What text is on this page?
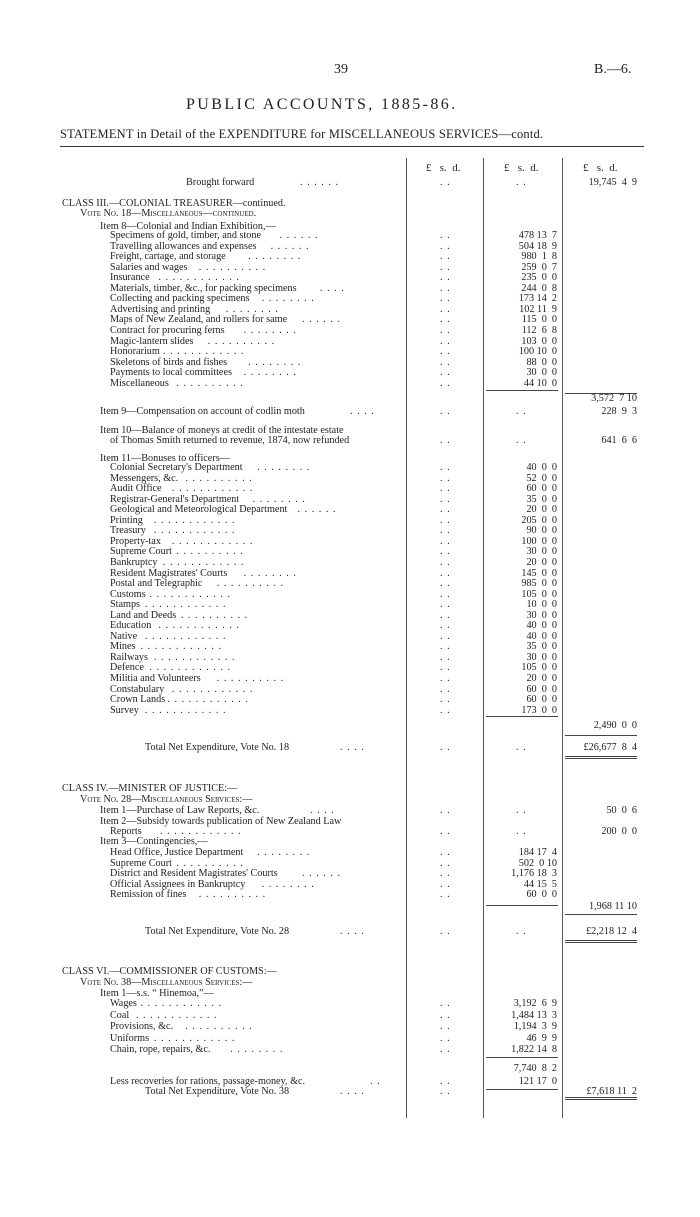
39	B.—6.
PUBLIC ACCOUNTS, 1885-86.
STATEMENT in Detail of the EXPENDITURE for MISCELLANEOUS SERVICES—contd.
£   s.  d.	£   s.  d.	£   s.  d.
Brought forward	. .	. .	19,745  4  9
. . . . . .
CLASS III.—COLONIAL TREASURER—continued.
Vote No. 18—Miscellaneous—continued.
Item 8—Colonial and Indian Exhibition,—
Specimens of gold, timber, and stone	. .	478 13  7
. . . . . .
Travelling allowances and expenses	. .	504 18  9
. . . . . .
Freight, cartage, and storage	. .	980  1  8
. . . . . . . .
Salaries and wages	. .	259  0  7
. . . . . . . . . .
Insurance	. .	235  0  0
. . . . . . . . . . . .
Materials, timber, &c., for packing specimens	. .	244  0  8
. . . .
Collecting and packing specimens	. .	173 14  2
. . . . . . . .
Advertising and printing	. .	102 11  9
. . . . . . . .
Maps of New Zealand, and rollers for same	. .	115  0  0
. . . . . .
Contract for procuring ferns	. .	112  6  8
. . . . . . . .
Magic-lantern slides	. .	103  0  0
. . . . . . . . . .
Honorarium	. .	100 10  0
. . . . . . . . . . . .
Skeletons of birds and fishes	. .	88  0  0
. . . . . . . .
Payments to local committees	. .	30  0  0
. . . . . . . .
Miscellaneous	. .	44 10  0
. . . . . . . . . .
3,572  7 10
Item 9—Compensation on account of codlin moth	. .	. .	228  9  3
. . . .
Item 10—Balance of moneys at credit of the intestate estate
of Thomas Smith returned to revenue, 1874, now refunded	. .	. .	641  6  6
Item 11—Bonuses to officers—
Colonial Secretary's Department	. .	40  0  0
. . . . . . . .
Messengers, &c.	. .	52  0  0
. . . . . . . . . .
Audit Office	. .	60  0  0
. . . . . . . . . . . .
Registrar-General's Department	. .	35  0  0
. . . . . . . .
Geological and Meteorological Department	. .	20  0  0
. . . . . .
Printing	. .	205  0  0
. . . . . . . . . . . .
Treasury	. .	90  0  0
. . . . . . . . . . . .
Property-tax	. .	100  0  0
. . . . . . . . . . . .
Supreme Court	. .	30  0  0
. . . . . . . . . .
Bankruptcy	. .	20  0  0
. . . . . . . . . . . .
Resident Magistrates' Courts	. .	145  0  0
. . . . . . . .
Postal and Telegraphic	. .	985  0  0
. . . . . . . . . .
Customs	. .	105  0  0
. . . . . . . . . . . .
Stamps	. .	10  0  0
. . . . . . . . . . . .
Land and Deeds	. .	30  0  0
. . . . . . . . . .
Education	. .	40  0  0
. . . . . . . . . . . .
Native	. .	40  0  0
. . . . . . . . . . . .
Mines	. .	35  0  0
. . . . . . . . . . . .
Railways	. .	30  0  0
. . . . . . . . . . . .
Defence	. .	105  0  0
. . . . . . . . . . . .
Militia and Volunteers	. .	20  0  0
. . . . . . . . . .
Constabulary	. .	60  0  0
. . . . . . . . . . . .
Crown Lands	. .	60  0  0
. . . . . . . . . . . .
Survey	. .	173  0  0
. . . . . . . . . . . .
2,490  0  0
Total Net Expenditure, Vote No. 18	. .	. .	£26,677  8  4
. . . .
CLASS IV.—MINISTER OF JUSTICE:—
Vote No. 28—Miscellaneous Services:—
Item 1—Purchase of Law Reports, &c.	. .	. .	50  0  6
. . . .
Item 2—Subsidy towards publication of New Zealand Law
Reports	. .	. .	200  0  0
. . . . . . . . . . . .
Item 3—Contingencies,—
Head Office, Justice Department	. .	184 17  4
. . . . . . . .
Supreme Court	. .	502  0 10
. . . . . . . . . .
District and Resident Magistrates' Courts	. .	1,176 18  3
. . . . . .
Official Assignees in Bankruptcy	. .	44 15  5
. . . . . . . .
Remission of fines	. .	60  0  0
. . . . . . . . . .
1,968 11 10
Total Net Expenditure, Vote No. 28	. .	. .	£2,218 12  4
. . . .
CLASS VI.—COMMISSIONER OF CUSTOMS:—
Vote No. 38—Miscellaneous Services:—
Item 1—s.s. “ Hinemoa,”—
Wages	. .	3,192  6  9
. . . . . . . . . . . .
Coal	. .	1,484 13  3
. . . . . . . . . . . .
Provisions, &c.	. .	1,194  3  9
. . . . . . . . . .
Uniforms	. .	46  9  9
. . . . . . . . . . . .
Chain, rope, repairs, &c.	. .	1,822 14  8
. . . . . . . .
7,740  8  2
Less recoveries for rations, passage-money, &c.	. .	121 17  0
. .
Total Net Expenditure, Vote No. 38	. .	£7,618 11  2
. . . .
